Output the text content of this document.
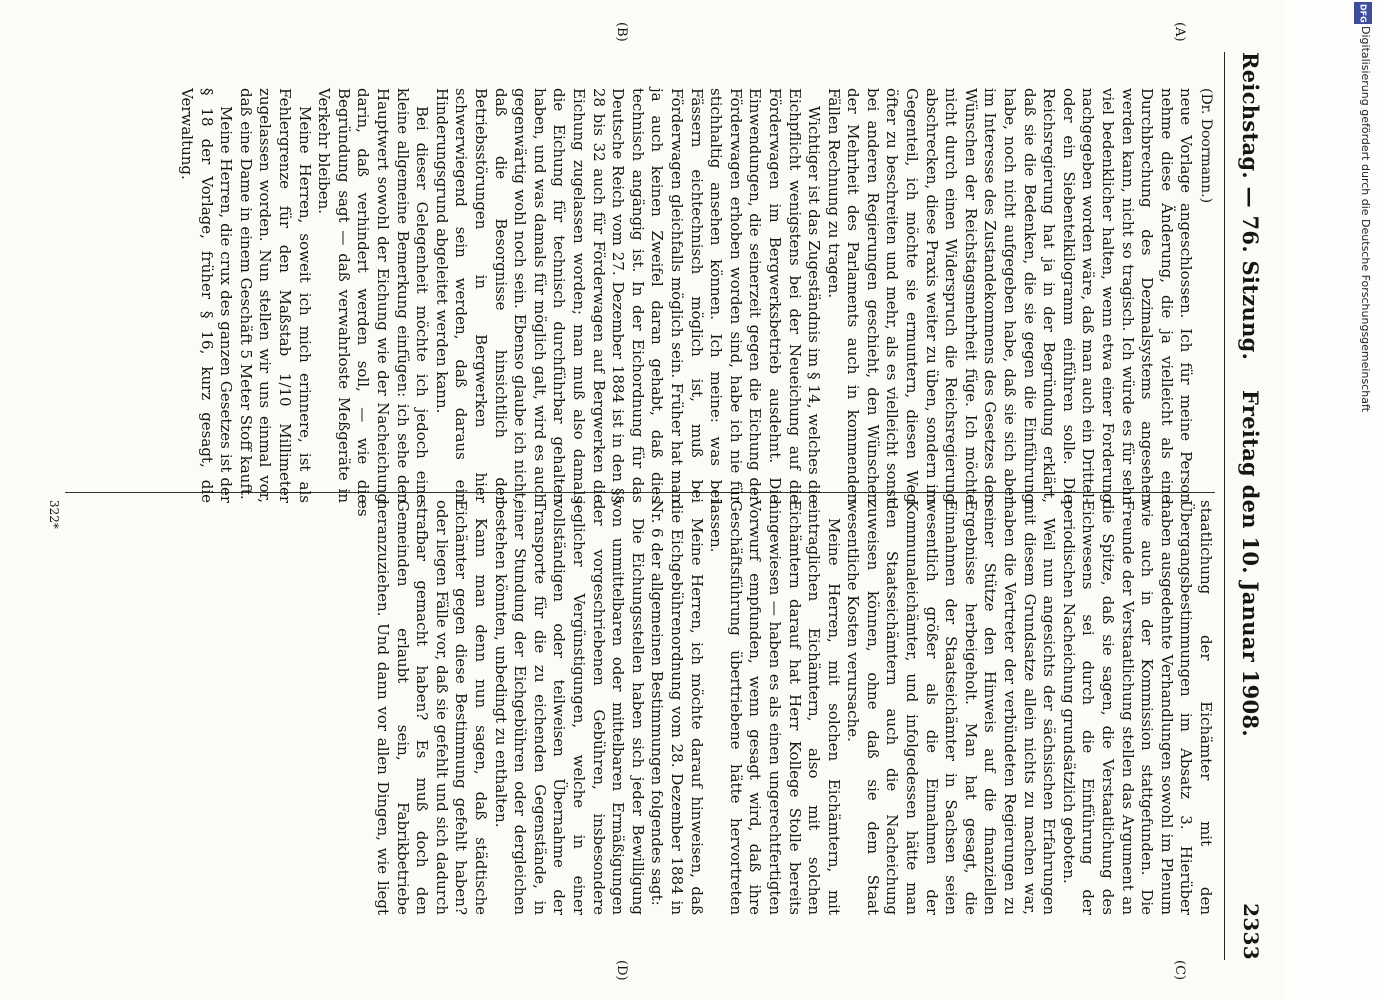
Reichstag. — 76. Sitzung.
Freitag den 10. Januar 1908.
2333
(A)
(B)
(C)
(D)
(Dr. Doormann.)

neue Vorlage angeschlossen. Ich für meine Person nehme diese Änderung, die ja vielleicht als eine Durchbrechung des Dezimalsystems angesehen werden kann, nicht so tragisch. Ich würde es für sehr viel bedenklicher halten, wenn etwa einer Forderung nachgegeben worden wäre, daß man auch ein Drittel- oder ein Siebentelkilogramm einführen solle. Die Reichsregierung hat ja in der Begründung erklärt, daß sie die Bedenken, die sie gegen die Einführung habe, noch nicht aufgegeben habe, daß sie sich aber im Interesse des Zustandekommens des Gesetzes den Wünschen der Reichstagsmehrheit füge. Ich möchte nicht durch einen Widerspruch die Reichsregierung abschrecken, diese Praxis weiter zu üben, sondern im Gegenteil, ich möchte sie ermuntern, diesen Weg öfter zu beschreiten und mehr, als es vielleicht sonst bei anderen Regierungen geschieht, den Wünschen der Mehrheit des Parlaments auch in kommenden Fällen Rechnung zu tragen.

Wichtiger ist das Zugeständnis im § 14, welches die Eichpflicht wenigstens bei der Neueichung auf die Förderwagen im Bergwerksbetrieb ausdehnt. Die Einwendungen, die seinerzeit gegen die Eichung der Förderwagen erhoben worden sind, habe ich nie für stichhaltig ansehen können. Ich meine: was bei Fässern eichtechnisch möglich ist, muß bei Förderwagen gleichfalls möglich sein. Früher hat man ja auch keinen Zweifel daran gehabt, daß dies technisch angängig ist. In der Eichordnung für das Deutsche Reich vom 27. Dezember 1884 ist in den §§ 28 bis 32 auch für Förderwagen auf Bergwerken die Eichung zugelassen worden; man muß also damals die Eichung für technisch durchführbar gehalten haben, und was damals für möglich galt, wird es auch gegenwärtig wohl noch sein. Ebenso glaube ich nicht, daß die Besorgnisse hinsichtlich der Betriebsstörungen in Bergwerken hier schwerwiegend sein werden, daß daraus ein Hinderungsgrund abgeleitet werden kann.

Bei dieser Gelegenheit möchte ich jedoch eine kleine allgemeine Bemerkung einfügen: ich sehe den Hauptwert sowohl der Eichung wie der Nacheichung darin, daß verhindert werden soll, — wie die Begründung sagt — daß verwahrloste Meßgeräte in Verkehr bleiben.

Meine Herren, soweit ich mich erinnere, ist als Fehlergrenze für den Maßstab 1/10 Millimeter zugelassen worden. Nun stellen wir uns einmal vor, daß eine Dame in einem Geschäft 5 Meter Stoff kauft.

Meine Herren, die crux des ganzen Gesetzes ist der § 18 der Vorlage, früher § 16, kurz gesagt, die Verwaltung.

staatlichung der Eichämter mit den Übergangsbestimmungen im Absatz 3. Hierüber haben ausgedehnte Verhandlungen sowohl im Plenum wie auch in der Kommission stattgefunden. Die Freunde der Verstaatlichung stellen das Argument an die Spitze, daß sie sagen, die Verstaatlichung des Eichwesens sei durch die Einführung der periodischen Nacheichung grundsätzlich geboten.

Weil nun angesichts der sächsischen Erfahrungen mit diesem Grundsatze allein nichts zu machen war, haben die Vertreter der verbündeten Regierungen zu seiner Stütze den Hinweis auf die finanziellen Ergebnisse herbeigeholt. Man hat gesagt, die Einnahmen der Staatseichämter in Sachsen seien wesentlich größer als die Einnahmen der Kommunaleichämter, und infolgedessen hätte man den Staatseichämtern auch die Nacheichung zuweisen können, ohne daß sie dem Staat wesentliche Kosten verursache.

Meine Herren, mit solchen Eichämtern, mit eintraglichen Eichämtern, also mit solchen Eichämtern darauf hat Herr Kollege Stolle bereits hingewiesen — haben es als einen ungerechtfertigten Vorwurf empfunden, wenn gesagt wird, daß ihre Geschäftsführung übertriebene hätte hervortreten lassen.

Meine Herren, ich möchte darauf hinweisen, daß die Eichgebührenordnung vom 28. Dezember 1884 in Nr. 6 der allgemeinen Bestimmungen folgendes sagt:

Die Eichungsstellen haben sich jeder Bewilligung von unmittelbaren oder mittelbaren Ermäßigungen der vorgeschriebenen Gebühren, insbesondere jeglicher Vergünstigungen, welche in einer vollständigen oder teilweisen Übernahme der Transporte für die zu eichenden Gegenstände, in einer Stundung der Eichgebühren oder dergleichen bestehen könnten, unbedingt zu enthalten.

Kann man denn nun sagen, daß städtische Eichämter gegen diese Bestimmung gefehlt haben? oder liegen Fälle vor, daß sie gefehlt und sich dadurch strafbar gemacht haben? Es muß doch den Gemeinden erlaubt sein, Fabrikbetriebe heranzuziehen. Und dann vor allen Dingen, wie liegt es

322*
DFG
Digitalisierung gefördert durch die Deutsche Forschungsgemeinschaft
